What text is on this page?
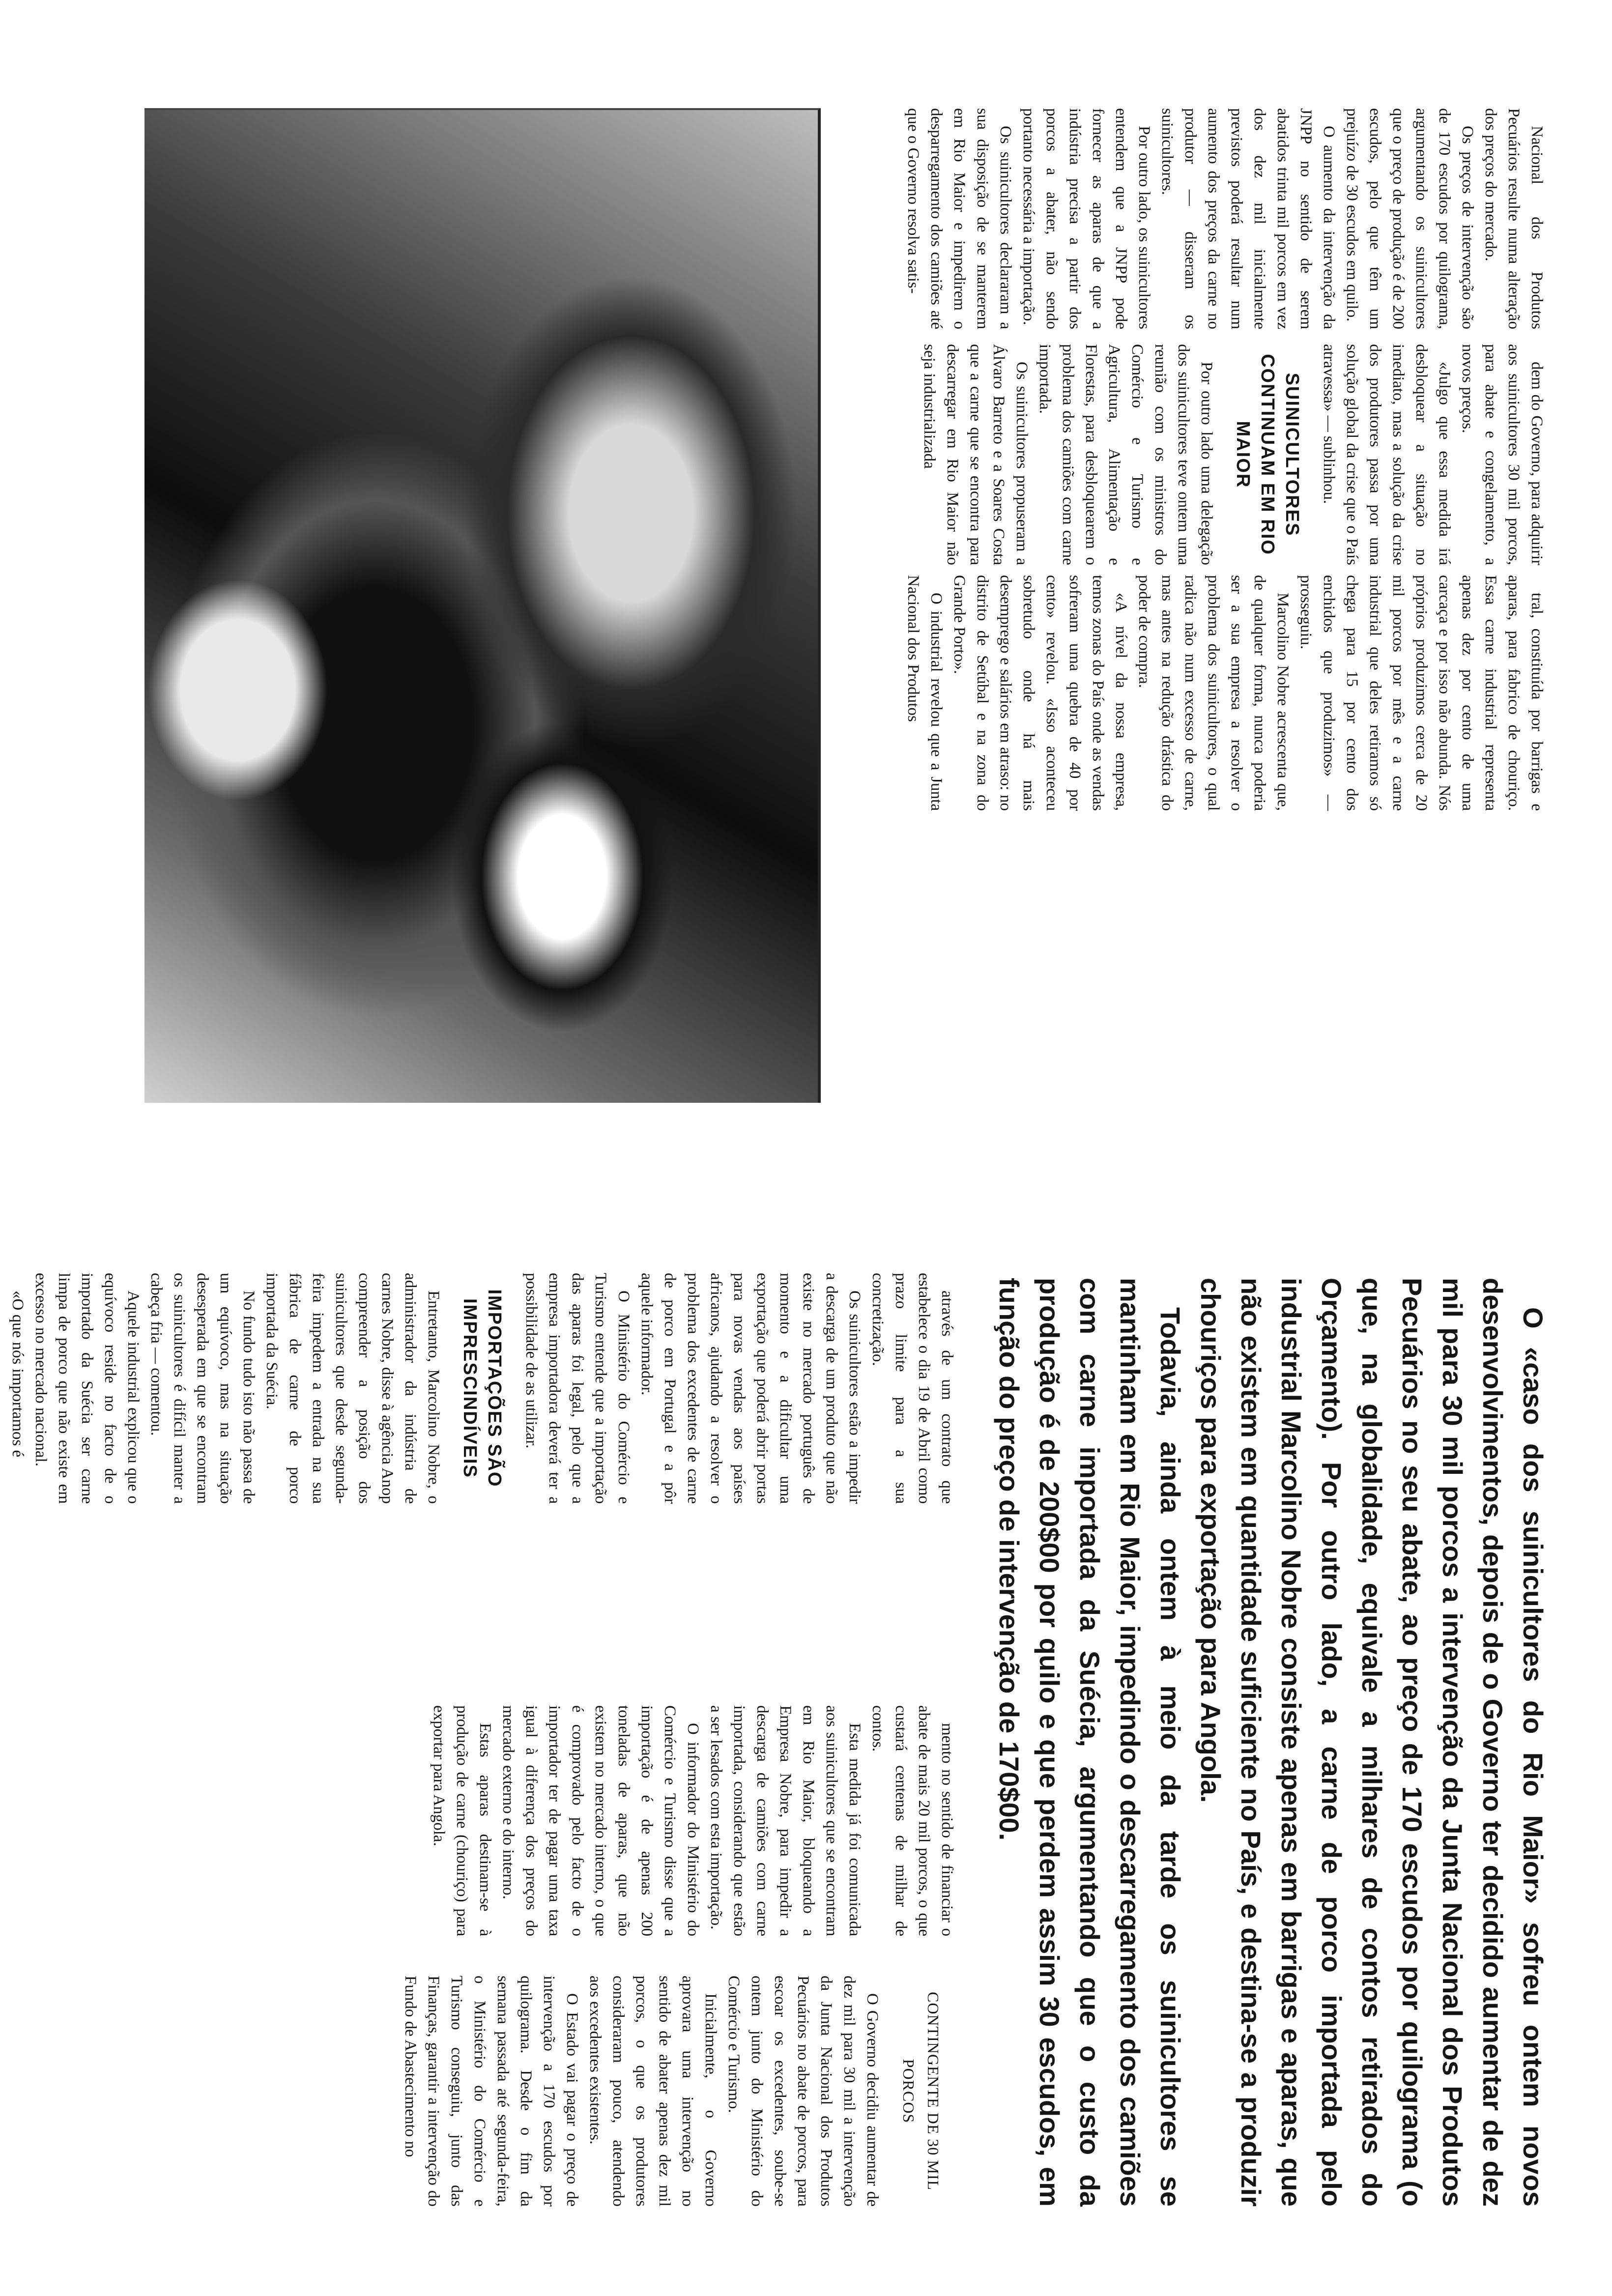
O «caso dos suinicultores do Rio Maior» sofreu ontem novos desenvolvimentos, depois de o Governo ter decidido aumentar de dez mil para 30 mil porcos a intervenção da Junta Nacional dos Produtos Pecuários no seu abate, ao preço de 170 escudos por quilograma (o que, na globalidade, equivale a milhares de contos retirados do Orçamento). Por outro lado, a carne de porco importada pelo industrial Marcolino Nobre consiste apenas em barrigas e aparas, que não existem em quantidade suficiente no País, e destina-se a produzir chouriços para exportação para Angola.

Todavia, ainda ontem à meio da tarde os suinicultores se mantinham em Rio Maior, impedindo o descarregamento dos camiões com carne importada da Suécia, argumentando que o custo da produção é de 200$00 por quilo e que perdem assim 30 escudos, em função do preço de intervenção de 170$00.

CONTINGENTE DE 30 MIL PORCOS

O Governo decidiu aumentar de dez mil para 30 mil a intervenção da Junta Nacional dos Produtos Pecuários no abate de porcos, para escoar os excedentes, soube-se ontem junto do Ministério do Comércio e Turismo.

Inicialmente, o Governo aprovara uma intervenção no sentido de abater apenas dez mil porcos, o que os produtores consideraram pouco, atendendo aos excedentes existentes.

O Estado vai pagar o preço de intervenção a 170 escudos por quilograma. Desde o fim da semana passada até segunda-feira, o Ministério do Comércio e Turismo conseguiu, junto das Finanças, garantir a intervenção do Fundo de Abastecimento no

mento no sentido de financiar o abate de mais 20 mil porcos, o que custará centenas de milhar de contos.

Esta medida já foi comunicada aos suinicultores que se encontram em Rio Maior, bloqueando a Empresa Nobre, para impedir a descarga de camiões com carne importada, considerando que estão a ser lesados com esta importação.

O informador do Ministério do Comércio e Turismo disse que a importação é de apenas 200 toneladas de aparas, que não existem no mercado interno, o que é comprovado pelo facto de o importador ter de pagar uma taxa igual à diferença dos preços do mercado externo e do interno.

Estas aparas destinam-se à produção de carne (chouriço) para exportar para Angola.

através de um contrato que estabelece o dia 19 de Abril como prazo limite para a sua concretização.

Os suinicultores estão a impedir a descarga de um produto que não existe no mercado português de momento e a dificultar uma exportação que poderá abrir portas para novas vendas aos países africanos, ajudando a resolver o problema dos excedentes de carne de porco em Portugal e a pôr aquele informador.

O Ministério do Comércio e Turismo entende que a importação das aparas foi legal, pelo que a empresa importadora deverá ter a possibilidade de as utilizar.

IMPORTAÇÕES SÃO IMPRESCINDÍVEIS

Entretanto, Marcolino Nobre, o administrador da indústria de carnes Nobre, disse à agência Anop compreender a posição dos suinicultores que desde segunda-feira impedem a entrada na sua fábrica de carne de porco importada da Suécia.

No fundo tudo isto não passa de um equívoco, mas na situação desesperada em que se encontram os suinicultores é difícil manter a cabeça fria — comentou.

Aquele industrial explicou que o equívoco reside no facto de o importado da Suécia ser carne limpa de porco que não existe em excesso no mercado nacional.

«O que nós importamos é

tral, constituída por barrigas e aparas, para fabrico de chouriço. Essa carne industrial representa apenas dez por cento de uma carcaça e por isso não abunda. Nós próprios produzimos cerca de 20 mil porcos por mês e a carne industrial que deles retiramos só chega para 15 por cento dos enchidos que produzimos» — prosseguiu.

Marcolino Nobre acrescenta que, de qualquer forma, nunca poderia ser a sua empresa a resolver o problema dos suinicultores, o qual radica não num excesso de carne, mas antes na redução drástica do poder de compra.

«A nível da nossa empresa, temos zonas do País onde as vendas sofreram uma quebra de 40 por cento» revelou. «Isso aconteceu sobretudo onde há mais desemprego e salários em atraso: no distrito de Setúbal e na zona do Grande Porto».

O industrial revelou que a Junta Nacional dos Produtos

dem do Governo, para adquirir aos suinicultores 30 mil porcos, para abate e congelamento, a novos preços.

«Julgo que essa medida irá desbloquear a situação no imediato, mas a solução da crise dos produtores passa por uma solução global da crise que o País atravessa» — sublinhou.

SUINICULTORES CONTINUAM EM RIO MAIOR

Por outro lado uma delegação dos suinicultores teve ontem uma reunião com os ministros do Comércio e Turismo e Agricultura, Alimentação e Florestas, para desbloquearem o problema dos camiões com carne importada.

Os suinicultores propuseram a Álvaro Barreto e a Soares Costa que a carne que se encontra para descarregar em Rio Maior não seja industrializada

Nacional dos Produtos Pecuários resulte numa alteração dos preços do mercado.

Os preços de intervenção são de 170 escudos por quilograma, argumentando os suinicultores que o preço de produção é de 200 escudos, pelo que têm um prejuízo de 30 escudos em quilo.

O aumento da intervenção da JNPP no sentido de serem abatidos trinta mil porcos em vez dos dez mil inicialmente previstos poderá resultar num aumento dos preços da carne no produtor — disseram os suinicultores.

Por outro lado, os suinicultores entendem que a JNPP pode fornecer as aparas de que a indústria precisa a partir dos porcos a abater, não sendo portanto necessária a importação.

Os suinicultores declararam a sua disposição de se manterem em Rio Maior e impedirem o desparregamento dos camiões até que o Governo resolva satis-
